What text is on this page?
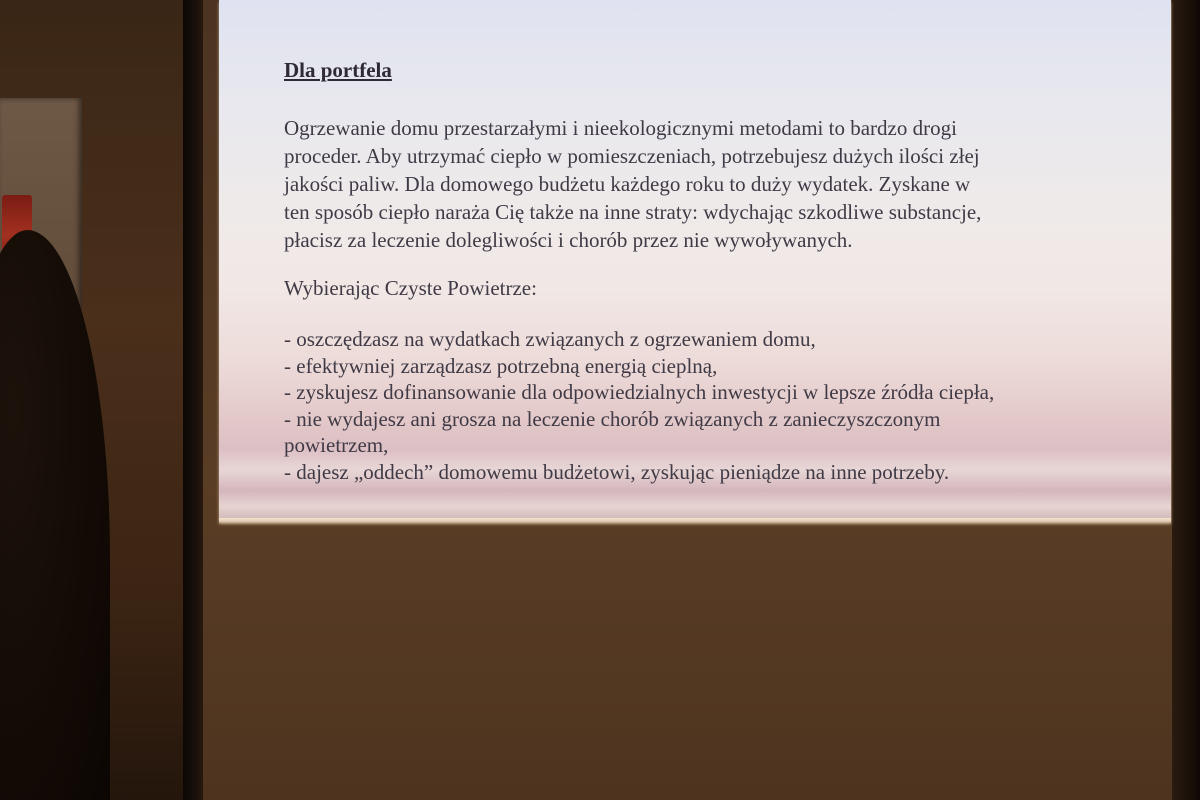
Dla portfela
Ogrzewanie domu przestarzałymi i nieekologicznymi metodami to bardzo drogi
proceder. Aby utrzymać ciepło w pomieszczeniach, potrzebujesz dużych ilości złej
jakości paliw. Dla domowego budżetu każdego roku to duży wydatek. Zyskane w
ten sposób ciepło naraża Cię także na inne straty: wdychając szkodliwe substancje,
płacisz za leczenie dolegliwości i chorób przez nie wywoływanych.
Wybierając Czyste Powietrze:
- oszczędzasz na wydatkach związanych z ogrzewaniem domu,
- efektywniej zarządzasz potrzebną energią cieplną,
- zyskujesz dofinansowanie dla odpowiedzialnych inwestycji w lepsze źródła ciepła,
- nie wydajesz ani grosza na leczenie chorób związanych z zanieczyszczonym
powietrzem,
- dajesz „oddech” domowemu budżetowi, zyskując pieniądze na inne potrzeby.
